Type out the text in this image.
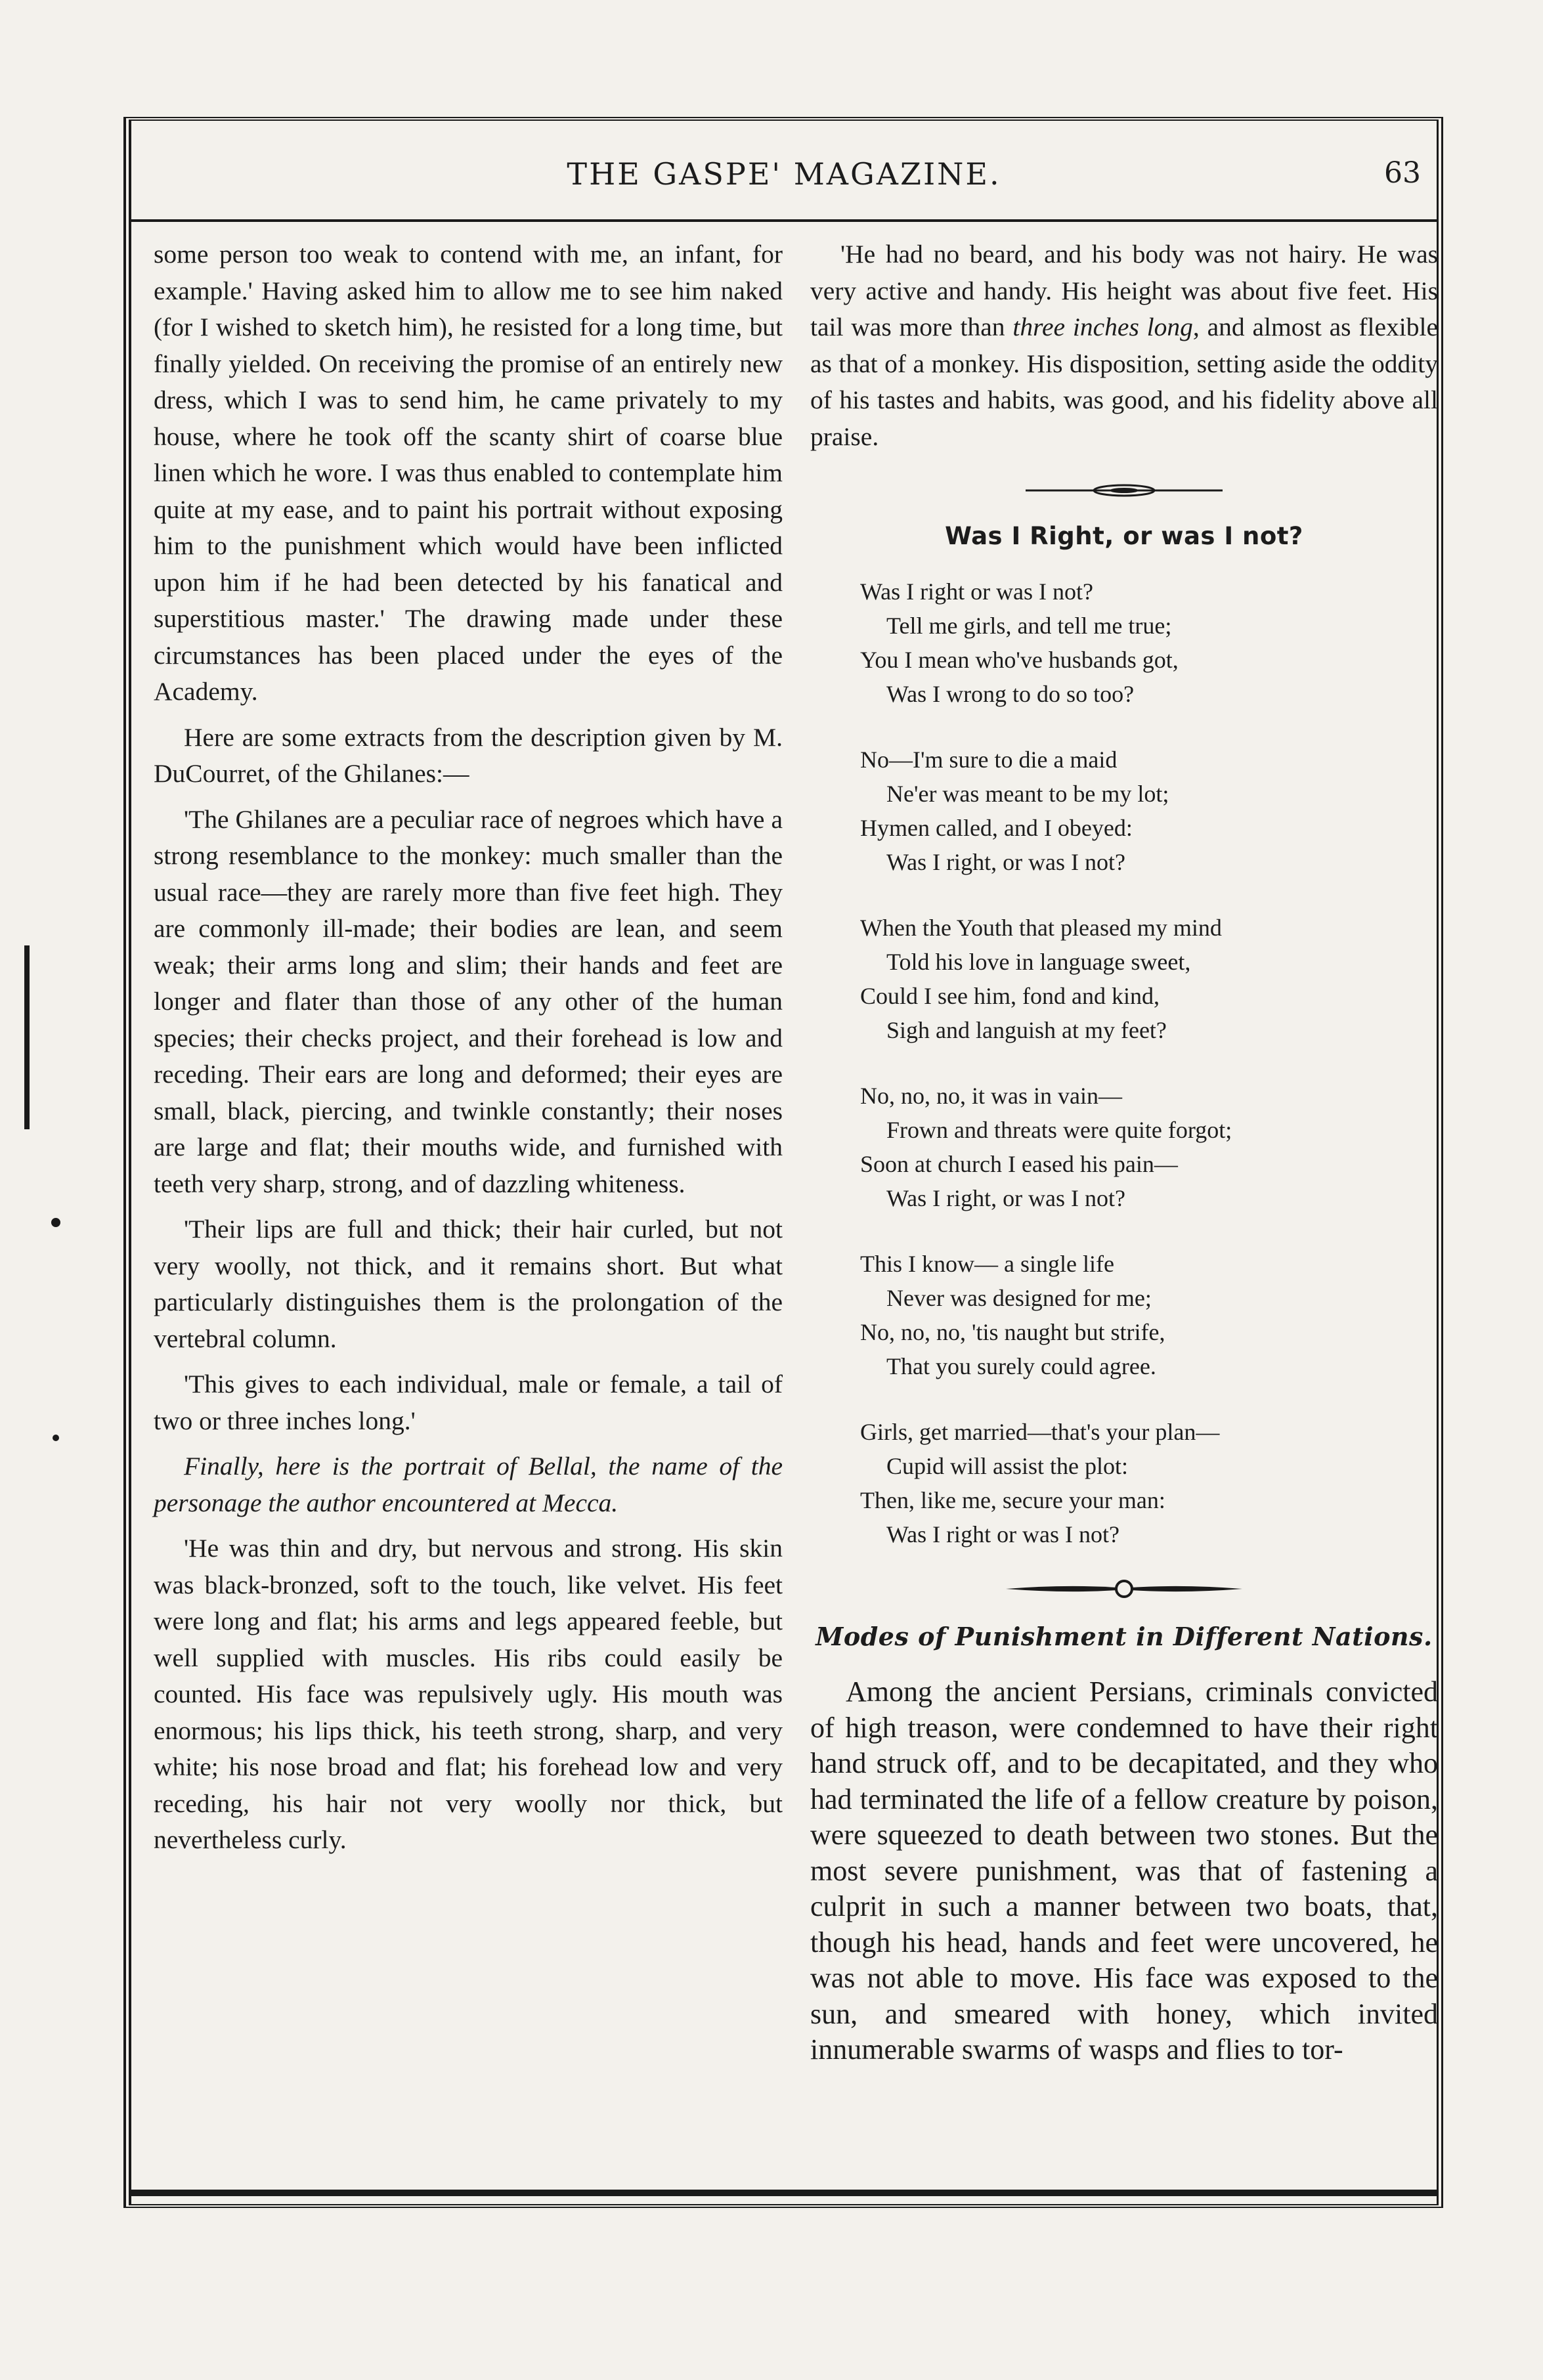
THE GASPE' MAGAZINE.	63

some person too weak to contend with me, an infant, for example.' Having asked him to allow me to see him naked (for I wished to sketch him), he resisted for a long time, but finally yielded. On receiving the promise of an entirely new dress, which I was to send him, he came privately to my house, where he took off the scanty shirt of coarse blue linen which he wore. I was thus enabled to contemplate him quite at my ease, and to paint his portrait without exposing him to the punishment which would have been inflicted upon him if he had been detected by his fanatical and superstitious master.' The drawing made under these circumstances has been placed under the eyes of the Academy.

Here are some extracts from the description given by M. DuCourret, of the Ghilanes:—

'The Ghilanes are a peculiar race of negroes which have a strong resemblance to the monkey: much smaller than the usual race—they are rarely more than five feet high. They are commonly ill-made; their bodies are lean, and seem weak; their arms long and slim; their hands and feet are longer and flater than those of any other of the human species; their checks project, and their forehead is low and receding. Their ears are long and deformed; their eyes are small, black, piercing, and twinkle constantly; their noses are large and flat; their mouths wide, and furnished with teeth very sharp, strong, and of dazzling whiteness.

'Their lips are full and thick; their hair curled, but not very woolly, not thick, and it remains short. But what particularly distinguishes them is the prolongation of the vertebral column.

'This gives to each individual, male or female, a tail of two or three inches long.'

Finally, here is the portrait of Bellal, the name of the personage the author encountered at Mecca.

'He was thin and dry, but nervous and strong. His skin was black-bronzed, soft to the touch, like velvet. His feet were long and flat; his arms and legs appeared feeble, but well supplied with muscles. His ribs could easily be counted. His face was repulsively ugly. His mouth was enormous; his lips thick, his teeth strong, sharp, and very white; his nose broad and flat; his forehead low and very receding, his hair not very woolly nor thick, but nevertheless curly.

'He had no beard, and his body was not hairy. He was very active and handy. His height was about five feet. His tail was more than three inches long, and almost as flexible as that of a monkey. His disposition, setting aside the oddity of his tastes and habits, was good, and his fidelity above all praise.

Was I Right, or was I not?
Was I right or was I not?
Tell me girls, and tell me true;
You I mean who've husbands got,
Was I wrong to do so too?
No—I'm sure to die a maid
Ne'er was meant to be my lot;
Hymen called, and I obeyed:
Was I right, or was I not?
When the Youth that pleased my mind
Told his love in language sweet,
Could I see him, fond and kind,
Sigh and languish at my feet?
No, no, no, it was in vain—
Frown and threats were quite forgot;
Soon at church I eased his pain—
Was I right, or was I not?
This I know— a single life
Never was designed for me;
No, no, no, 'tis naught but strife,
That you surely could agree.
Girls, get married—that's your plan—
Cupid will assist the plot:
Then, like me, secure your man:
Was I right or was I not?
Modes of Punishment in Different Nations.

Among the ancient Persians, criminals convicted of high treason, were condemned to have their right hand struck off, and to be decapitated, and they who had terminated the life of a fellow creature by poison, were squeezed to death between two stones. But the most severe punishment, was that of fastening a culprit in such a manner between two boats, that, though his head, hands and feet were uncovered, he was not able to move. His face was exposed to the sun, and smeared with honey, which invited innumerable swarms of wasps and flies to tor-
